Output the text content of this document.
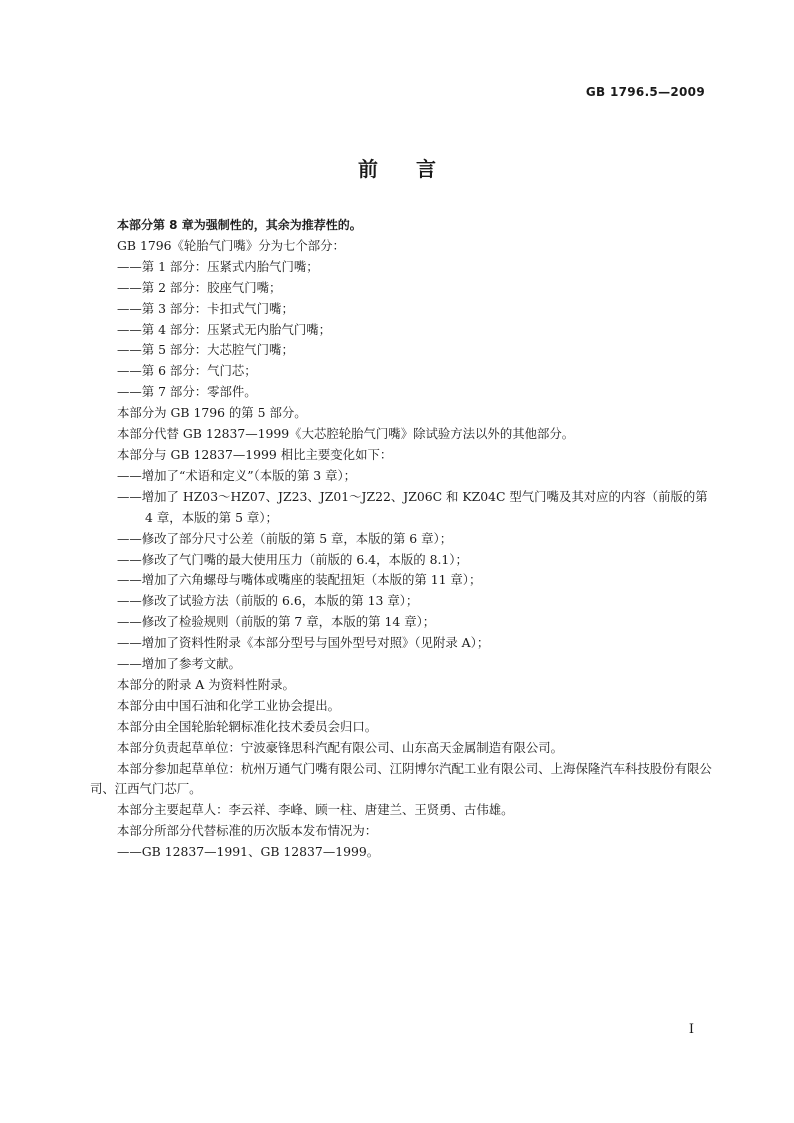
GB 1796.5—2009
前言

本部分第 8 章为强制性的，其余为推荐性的。

GB 1796《轮胎气门嘴》分为七个部分：

——第 1 部分：压紧式内胎气门嘴；

——第 2 部分：胶座气门嘴；

——第 3 部分：卡扣式气门嘴；

——第 4 部分：压紧式无内胎气门嘴；

——第 5 部分：大芯腔气门嘴；

——第 6 部分：气门芯；

——第 7 部分：零部件。

本部分为 GB 1796 的第 5 部分。

本部分代替 GB 12837—1999《大芯腔轮胎气门嘴》除试验方法以外的其他部分。

本部分与 GB 12837—1999 相比主要变化如下：

——增加了“术语和定义”（本版的第 3 章）；

——增加了 HZ03～HZ07、JZ23、JZ01～JZ22、JZ06C 和 KZ04C 型气门嘴及其对应的内容（前版的第 4 章，本版的第 5 章）；

——修改了部分尺寸公差（前版的第 5 章，本版的第 6 章）；

——修改了气门嘴的最大使用压力（前版的 6.4，本版的 8.1）；

——增加了六角螺母与嘴体或嘴座的装配扭矩（本版的第 11 章）；

——修改了试验方法（前版的 6.6，本版的第 13 章）；

——修改了检验规则（前版的第 7 章，本版的第 14 章）；

——增加了资料性附录《本部分型号与国外型号对照》（见附录 A）；

——增加了参考文献。

本部分的附录 A 为资料性附录。

本部分由中国石油和化学工业协会提出。

本部分由全国轮胎轮辋标准化技术委员会归口。

本部分负责起草单位：宁波豪锋思科汽配有限公司、山东高天金属制造有限公司。

本部分参加起草单位：杭州万通气门嘴有限公司、江阴博尔汽配工业有限公司、上海保隆汽车科技股份有限公司、江西气门芯厂。

本部分主要起草人：李云祥、李峰、顾一柱、唐建兰、王贤勇、古伟雄。

本部分所部分代替标准的历次版本发布情况为：

——GB 12837—1991、GB 12837—1999。

I
